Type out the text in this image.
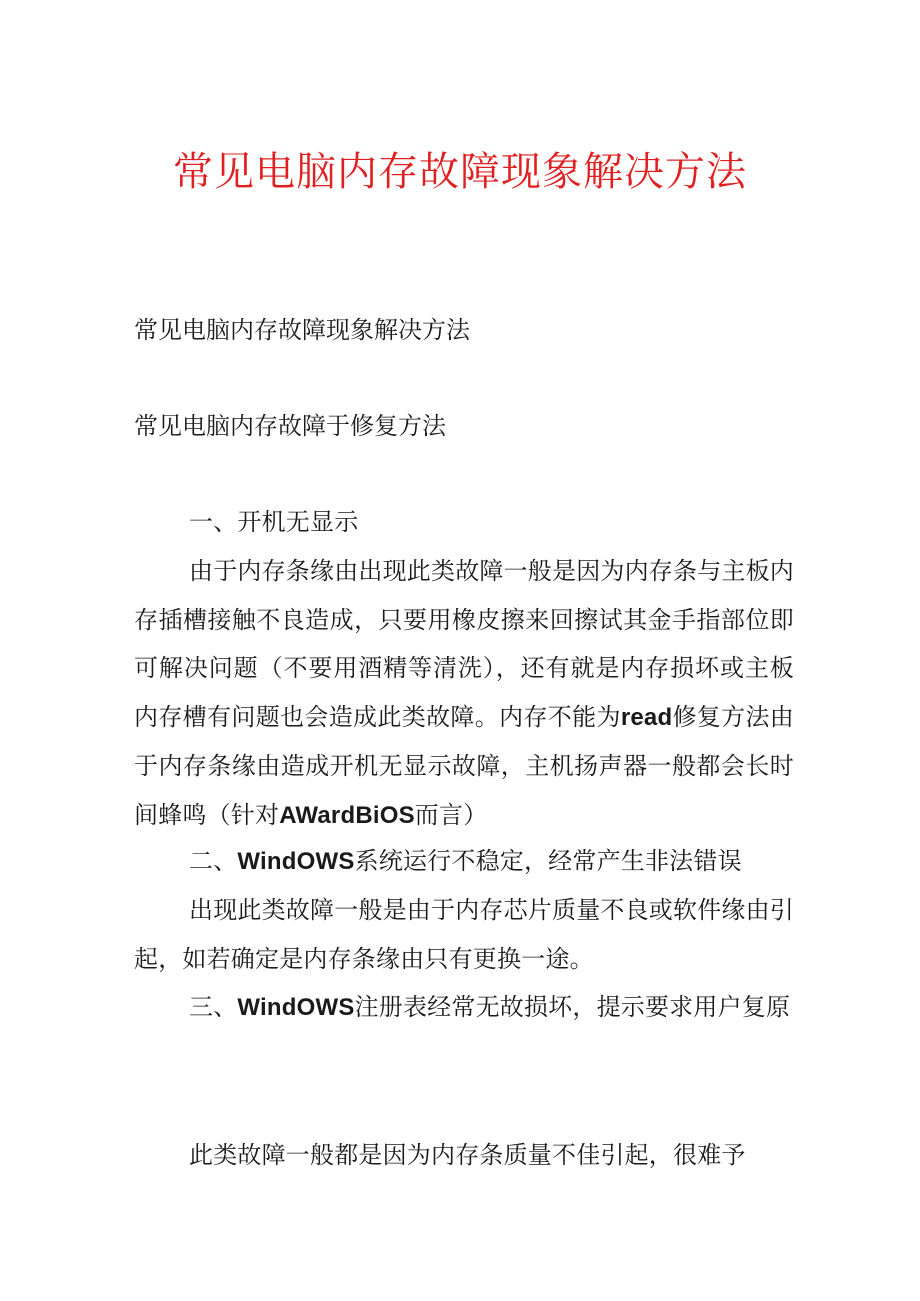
常见电脑内存故障现象解决方法
常见电脑内存故障现象解决方法
常见电脑内存故障于修复方法
一、开机无显示
由于内存条缘由出现此类故障一般是因为内存条与主板内存插槽接触不良造成，只要用橡皮擦来回擦试其金手指部位即可解决问题（不要用酒精等清洗），还有就是内存损坏或主板内存槽有问题也会造成此类故障。内存不能为read修复方法由于内存条缘由造成开机无显示故障，主机扬声器一般都会长时间蜂鸣（针对AWardBiOS而言）
二、WindOWS系统运行不稳定，经常产生非法错误
出现此类故障一般是由于内存芯片质量不良或软件缘由引起，如若确定是内存条缘由只有更换一途。
三、WindOWS注册表经常无故损坏，提示要求用户复原
此类故障一般都是因为内存条质量不佳引起，很难予
